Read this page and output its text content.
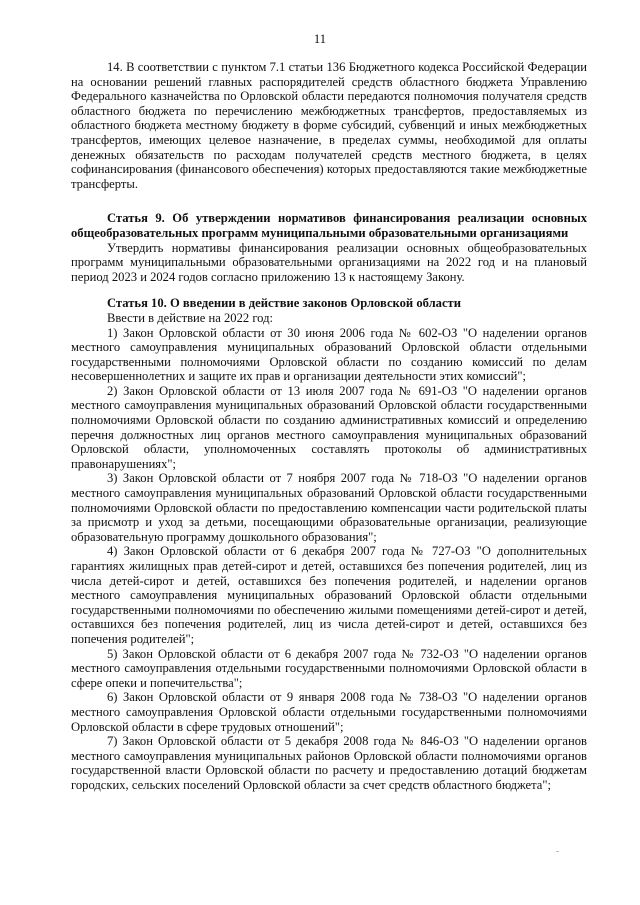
11

14. В соответствии с пунктом 7.1 статьи 136 Бюджетного кодекса Российской Федерации на основании решений главных распорядителей средств областного бюджета Управлению Федерального казначейства по Орловской области передаются полномочия получателя средств областного бюджета по перечислению межбюджетных трансфертов, предоставляемых из областного бюджета местному бюджету в форме субсидий, субвенций и иных межбюджетных трансфертов, имеющих целевое назначение, в пределах суммы, необходимой для оплаты денежных обязательств по расходам получателей средств местного бюджета, в целях софинансирования (финансового обеспечения) которых предоставляются такие межбюджетные трансферты.

Статья 9. Об утверждении нормативов финансирования реализации основных общеобразовательных программ муниципальными образовательными организациями

Утвердить нормативы финансирования реализации основных общеобразовательных программ муниципальными образовательными организациями на 2022 год и на плановый период 2023 и 2024 годов согласно приложению 13 к настоящему Закону.

Статья 10. О введении в действие законов Орловской области

Ввести в действие на 2022 год:

1) Закон Орловской области от 30 июня 2006 года № 602-ОЗ "О наделении органов местного самоуправления муниципальных образований Орловской области отдельными государственными полномочиями Орловской области по созданию комиссий по делам несовершеннолетних и защите их прав и организации деятельности этих комиссий";

2) Закон Орловской области от 13 июля 2007 года № 691-ОЗ "О наделении органов местного самоуправления муниципальных образований Орловской области государственными полномочиями Орловской области по созданию административных комиссий и определению перечня должностных лиц органов местного самоуправления муниципальных образований Орловской области, уполномоченных составлять протоколы об административных правонарушениях";

3) Закон Орловской области от 7 ноября 2007 года № 718-ОЗ "О наделении органов местного самоуправления муниципальных образований Орловской области государственными полномочиями Орловской области по предоставлению компенсации части родительской платы за присмотр и уход за детьми, посещающими образовательные организации, реализующие образовательную программу дошкольного образования";

4) Закон Орловской области от 6 декабря 2007 года № 727-ОЗ "О дополнительных гарантиях жилищных прав детей-сирот и детей, оставшихся без попечения родителей, лиц из числа детей-сирот и детей, оставшихся без попечения родителей, и наделении органов местного самоуправления муниципальных образований Орловской области отдельными государственными полномочиями по обеспечению жилыми помещениями детей-сирот и детей, оставшихся без попечения родителей, лиц из числа детей-сирот и детей, оставшихся без попечения родителей";

5) Закон Орловской области от 6 декабря 2007 года № 732-ОЗ "О наделении органов местного самоуправления отдельными государственными полномочиями Орловской области в сфере опеки и попечительства";

6) Закон Орловской области от 9 января 2008 года № 738-ОЗ "О наделении органов местного самоуправления Орловской области отдельными государственными полномочиями Орловской области в сфере трудовых отношений";

7) Закон Орловской области от 5 декабря 2008 года № 846-ОЗ "О наделении органов местного самоуправления муниципальных районов Орловской области полномочиями органов государственной власти Орловской области по расчету и предоставлению дотаций бюджетам городских, сельских поселений Орловской области за счет средств областного бюджета";
